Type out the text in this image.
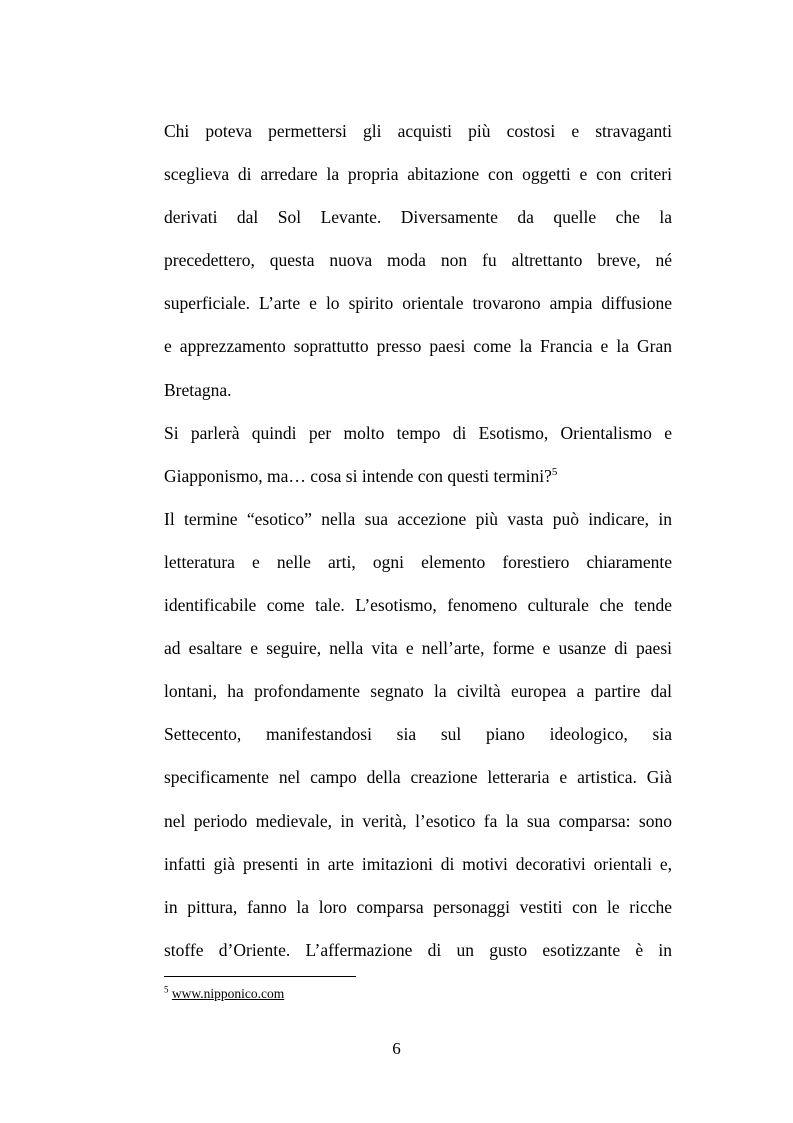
Chi poteva permettersi gli acquisti più costosi e stravaganti
sceglieva di arredare la propria abitazione con oggetti e con criteri
derivati dal Sol Levante. Diversamente da quelle che la
precedettero, questa nuova moda non fu altrettanto breve, né
superficiale. L’arte e lo spirito orientale trovarono ampia diffusione
e apprezzamento soprattutto presso paesi come la Francia e la Gran
Bretagna.
Si parlerà quindi per molto tempo di Esotismo, Orientalismo e
Giapponismo, ma… cosa si intende con questi termini?$^5$
Il termine “esotico” nella sua accezione più vasta può indicare, in
letteratura e nelle arti, ogni elemento forestiero chiaramente
identificabile come tale. L’esotismo, fenomeno culturale che tende
ad esaltare e seguire, nella vita e nell’arte, forme e usanze di paesi
lontani, ha profondamente segnato la civiltà europea a partire dal
Settecento, manifestandosi sia sul piano ideologico, sia
specificamente nel campo della creazione letteraria e artistica. Già
nel periodo medievale, in verità, l’esotico fa la sua comparsa: sono
infatti già presenti in arte imitazioni di motivi decorativi orientali e,
in pittura, fanno la loro comparsa personaggi vestiti con le ricche
stoffe d’Oriente. L’affermazione di un gusto esotizzante è in
$^5$ www.nipponico.com
6
